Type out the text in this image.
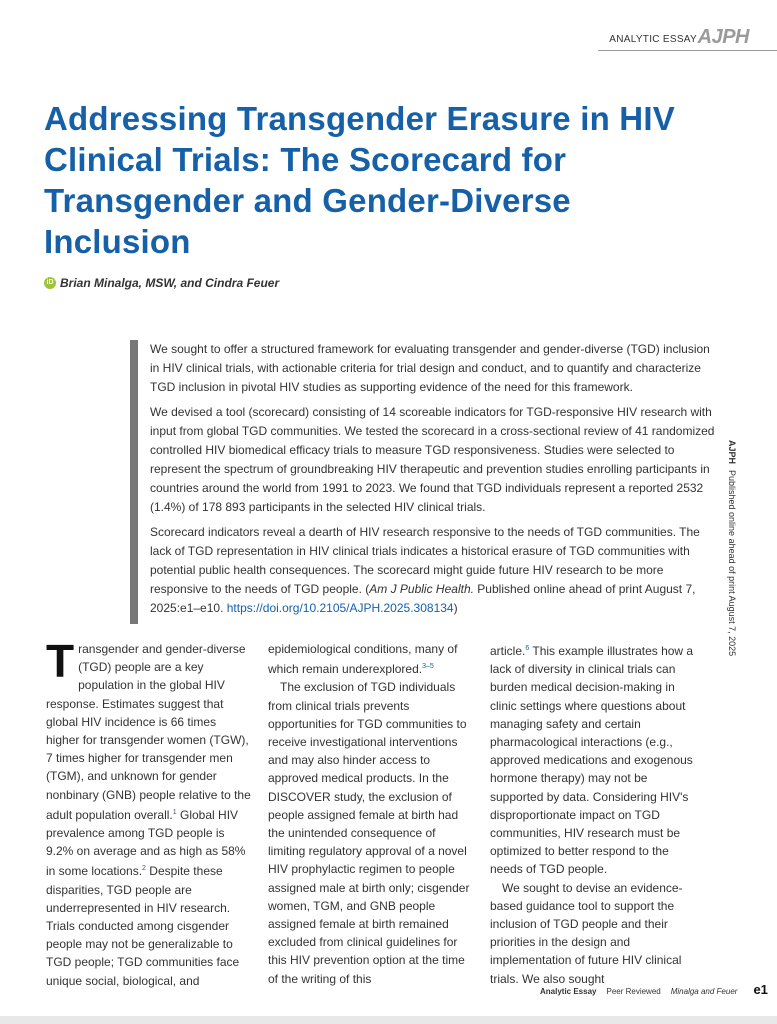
ANALYTIC ESSAY AJPH
Addressing Transgender Erasure in HIV Clinical Trials: The Scorecard for Transgender and Gender-Diverse Inclusion
iD Brian Minalga, MSW, and Cindra Feuer

We sought to offer a structured framework for evaluating transgender and gender-diverse (TGD) inclusion in HIV clinical trials, with actionable criteria for trial design and conduct, and to quantify and characterize TGD inclusion in pivotal HIV studies as supporting evidence of the need for this framework.

We devised a tool (scorecard) consisting of 14 scoreable indicators for TGD-responsive HIV research with input from global TGD communities. We tested the scorecard in a cross-sectional review of 41 randomized controlled HIV biomedical efficacy trials to measure TGD responsiveness. Studies were selected to represent the spectrum of groundbreaking HIV therapeutic and prevention studies enrolling participants in countries around the world from 1991 to 2023. We found that TGD individuals represent a reported 2532 (1.4%) of 178 893 participants in the selected HIV clinical trials.

Scorecard indicators reveal a dearth of HIV research responsive to the needs of TGD communities. The lack of TGD representation in HIV clinical trials indicates a historical erasure of TGD communities with potential public health consequences. The scorecard might guide future HIV research to be more responsive to the needs of TGD people. (Am J Public Health. Published online ahead of print August 7, 2025:e1–e10. https://doi.org/10.2105/AJPH.2025.308134)

AJPHPublished online ahead of print August 7, 2025

Transgender and gender-diverse (TGD) people are a key population in the global HIV response. Estimates suggest that global HIV incidence is 66 times higher for transgender women (TGW), 7 times higher for transgender men (TGM), and unknown for gender nonbinary (GNB) people relative to the adult population overall.$^1$ Global HIV prevalence among TGD people is 9.2% on average and as high as 58% in some locations.$^2$ Despite these disparities, TGD people are underrepresented in HIV research. Trials conducted among cisgender people may not be generalizable to TGD people; TGD communities face unique social, biological, and

epidemiological conditions, many of which remain underexplored.$^{3-5}$

The exclusion of TGD individuals from clinical trials prevents opportunities for TGD communities to receive investigational interventions and may also hinder access to approved medical products. In the DISCOVER study, the exclusion of people assigned female at birth had the unintended consequence of limiting regulatory approval of a novel HIV prophylactic regimen to people assigned male at birth only; cisgender women, TGM, and GNB people assigned female at birth remained excluded from clinical guidelines for this HIV prevention option at the time of the writing of this

article.$^6$ This example illustrates how a lack of diversity in clinical trials can burden medical decision-making in clinic settings where questions about managing safety and certain pharmacological interactions (e.g., approved medications and exogenous hormone therapy) may not be supported by data. Considering HIV's disproportionate impact on TGD communities, HIV research must be optimized to better respond to the needs of TGD people.

We sought to devise an evidence-based guidance tool to support the inclusion of TGD people and their priorities in the design and implementation of future HIV clinical trials. We also sought

Analytic Essay Peer Reviewed Minalga and Feuer e1
